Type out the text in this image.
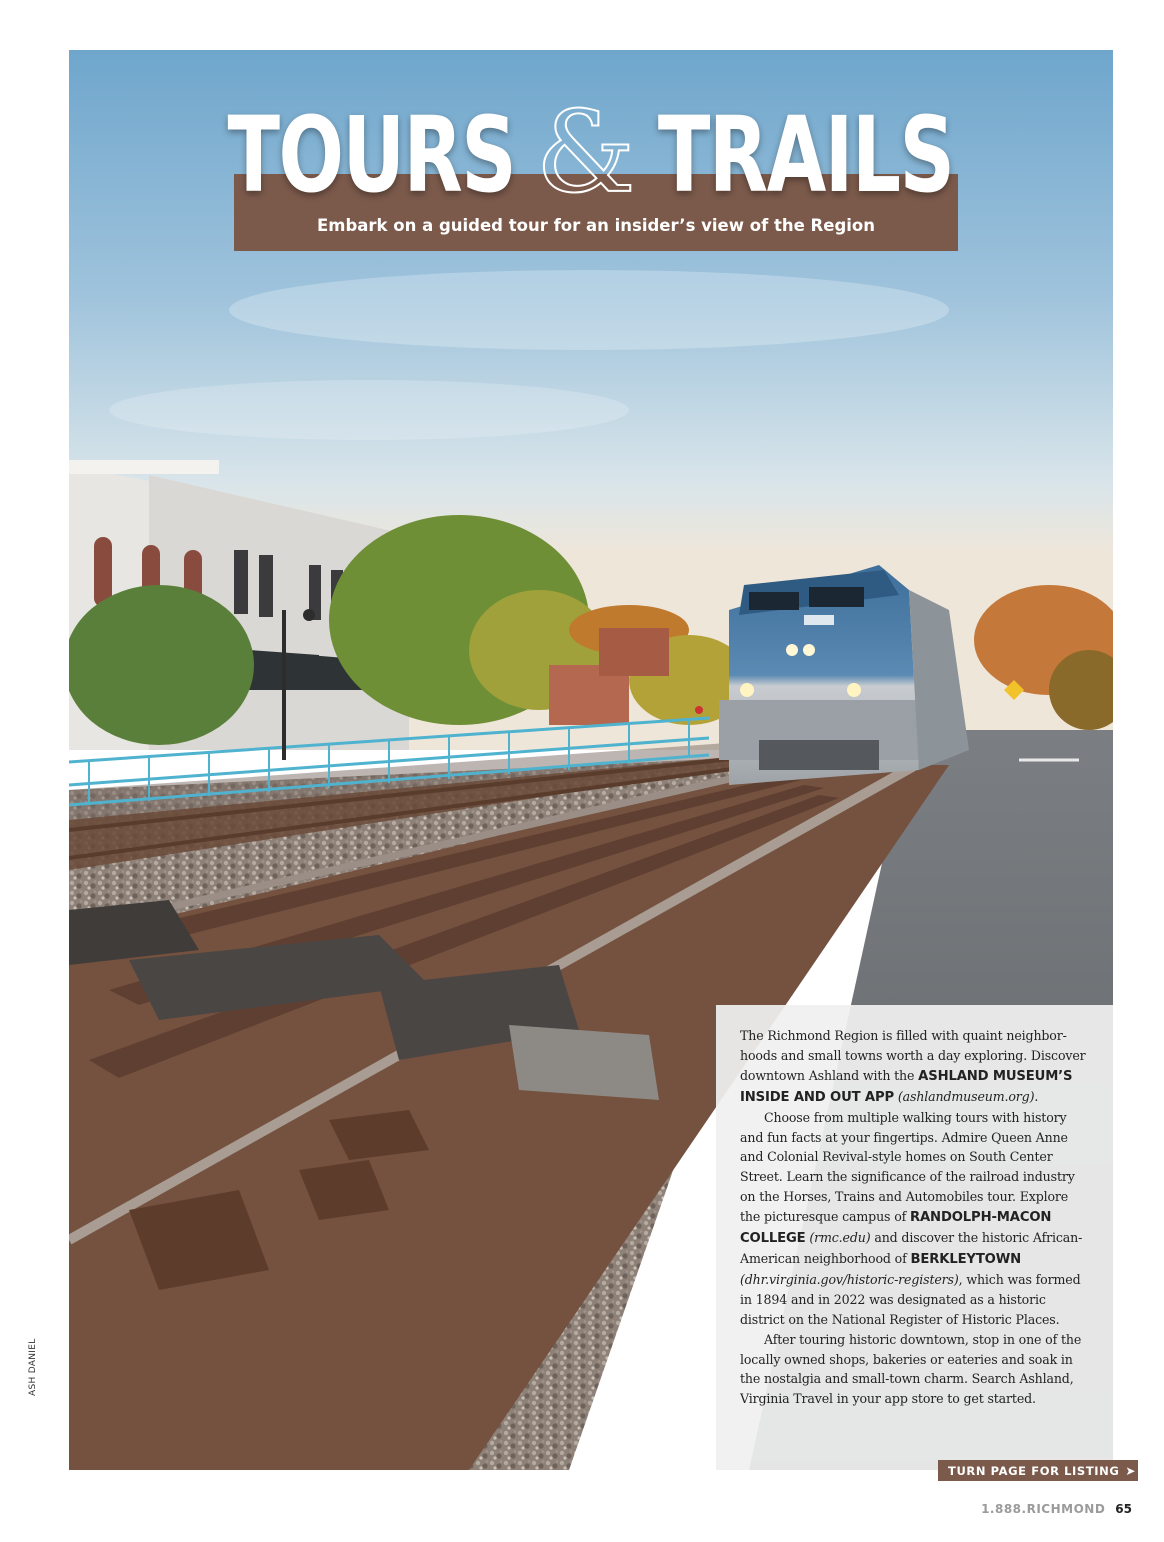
TOURS & TRAILS
Embark on a guided tour for an insider’s view of the Region

The Richmond Region is filled with quaint neighbor-hoods and small towns worth a day exploring. Discover downtown Ashland with the ASHLAND MUSEUM’S INSIDE AND OUT APP (ashlandmuseum.org).

Choose from multiple walking tours with history and fun facts at your fingertips. Admire Queen Anne and Colonial Revival-style homes on South Center Street. Learn the significance of the railroad industry on the Horses, Trains and Automobiles tour. Explore the picturesque campus of RANDOLPH-MACON COLLEGE (rmc.edu) and discover the historic African-American neighborhood of BERKLEYTOWN (dhr.virginia.gov/historic-registers), which was formed in 1894 and in 2022 was designated as a historic district on the National Register of Historic Places.

After touring historic downtown, stop in one of the locally owned shops, bakeries or eateries and soak in the nostalgia and small-town charm. Search Ashland, Virginia Travel in your app store to get started.

ASH DANIEL
TURN PAGE FOR LISTING ➤
1.888.RICHMOND 65
